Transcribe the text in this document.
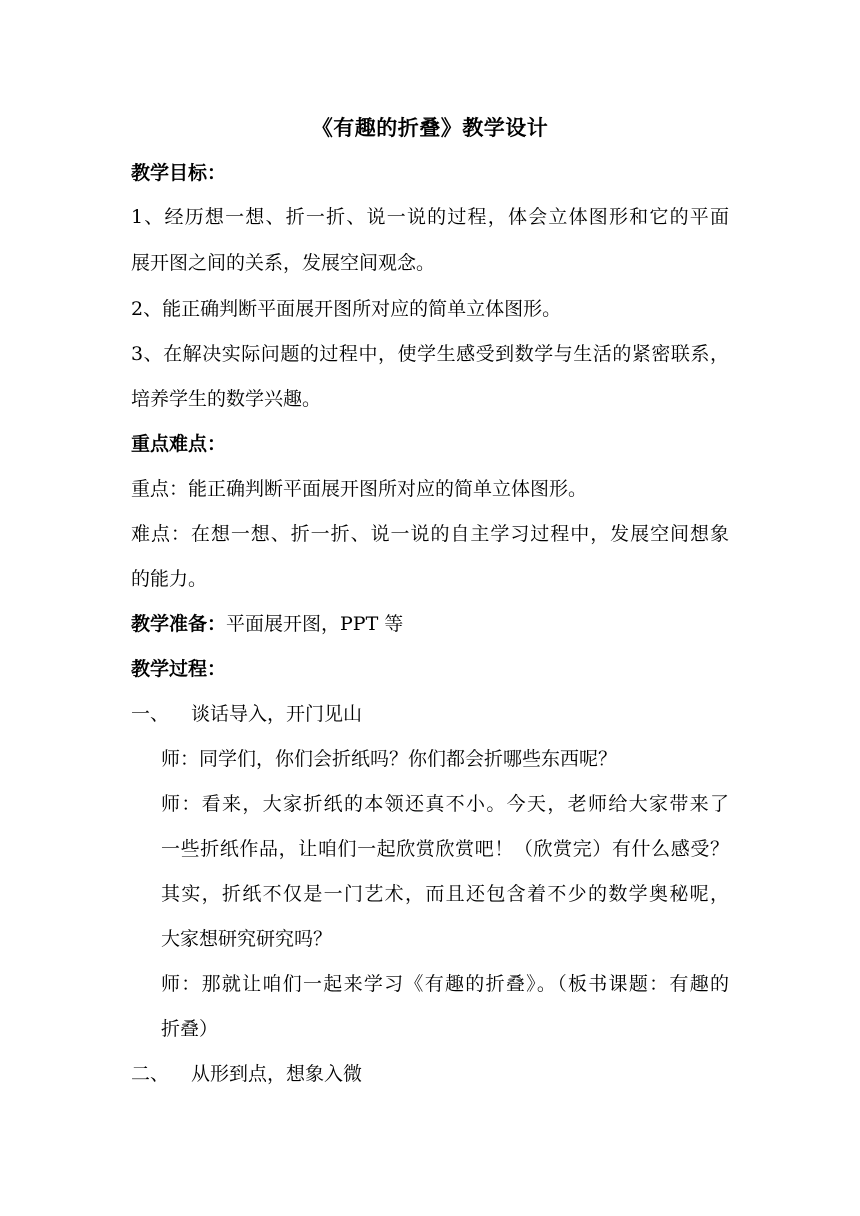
《有趣的折叠》教学设计
教学目标：
1、经历想一想、折一折、说一说的过程，体会立体图形和它的平面
展开图之间的关系，发展空间观念。
2、能正确判断平面展开图所对应的简单立体图形。
3、在解决实际问题的过程中，使学生感受到数学与生活的紧密联系，
培养学生的数学兴趣。
重点难点：
重点：能正确判断平面展开图所对应的简单立体图形。
难点：在想一想、折一折、说一说的自主学习过程中，发展空间想象
的能力。
教学准备：平面展开图，PPT 等
教学过程：
一、 谈话导入，开门见山
师：同学们，你们会折纸吗？你们都会折哪些东西呢？
师：看来，大家折纸的本领还真不小。今天，老师给大家带来了
一些折纸作品，让咱们一起欣赏欣赏吧！（欣赏完）有什么感受？
其实，折纸不仅是一门艺术，而且还包含着不少的数学奥秘呢，
大家想研究研究吗？
师：那就让咱们一起来学习《有趣的折叠》。（板书课题：有趣的
折叠）
二、 从形到点，想象入微
